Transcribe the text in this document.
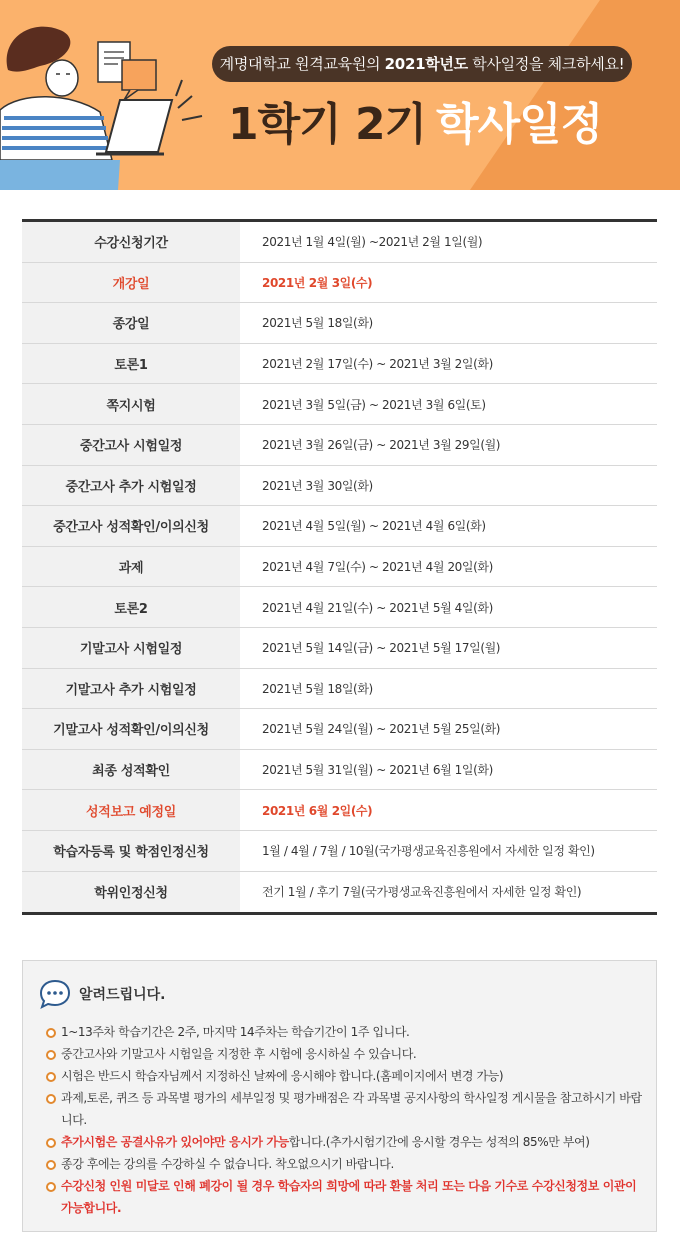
계명대학교 원격교육원의 2021학년도 학사일정을 체크하세요!
1학기 2기 학사일정
수강신청기간	2021년 1월 4일(월) ~2021년 2월 1일(월)
개강일	2021년 2월 3일(수)
종강일	2021년 5월 18일(화)
토론1	2021년 2월 17일(수) ~ 2021년 3월 2일(화)
쪽지시험	2021년 3월 5일(금) ~ 2021년 3월 6일(토)
중간고사 시험일정	2021년 3월 26일(금) ~ 2021년 3월 29일(월)
중간고사 추가 시험일정	2021년 3월 30일(화)
중간고사 성적확인/이의신청	2021년 4월 5일(월) ~ 2021년 4월 6일(화)
과제	2021년 4월 7일(수) ~ 2021년 4월 20일(화)
토론2	2021년 4월 21일(수) ~ 2021년 5월 4일(화)
기말고사 시험일정	2021년 5월 14일(금) ~ 2021년 5월 17일(월)
기말고사 추가 시험일정	2021년 5월 18일(화)
기말고사 성적확인/이의신청	2021년 5월 24일(월) ~ 2021년 5월 25일(화)
최종 성적확인	2021년 5월 31일(월) ~ 2021년 6월 1일(화)
성적보고 예정일	2021년 6월 2일(수)
학습자등록 및 학점인정신청	1월 / 4월 / 7월 / 10월(국가평생교육진흥원에서 자세한 일정 확인)
학위인정신청	전기 1월 / 후기 7월(국가평생교육진흥원에서 자세한 일정 확인)
알려드립니다.
1~13주차 학습기간은 2주, 마지막 14주차는 학습기간이 1주 입니다.
중간고사와 기말고사 시험일을 지정한 후 시험에 응시하실 수 있습니다.
시험은 반드시 학습자님께서 지정하신 날짜에 응시해야 합니다.(홈페이지에서 변경 가능)
과제,토론, 퀴즈 등 과목별 평가의 세부일정 및 평가배점은 각 과목별 공지사항의 학사일정 게시물을 참고하시기 바랍니다.
추가시험은 공결사유가 있어야만 응시가 가능합니다.(추가시험기간에 응시할 경우는 성적의 85%만 부여)
종강 후에는 강의를 수강하실 수 없습니다. 착오없으시기 바랍니다.
수강신청 인원 미달로 인해 폐강이 될 경우 학습자의 희망에 따라 환불 처리 또는 다음 기수로 수강신청정보 이관이 가능합니다.
